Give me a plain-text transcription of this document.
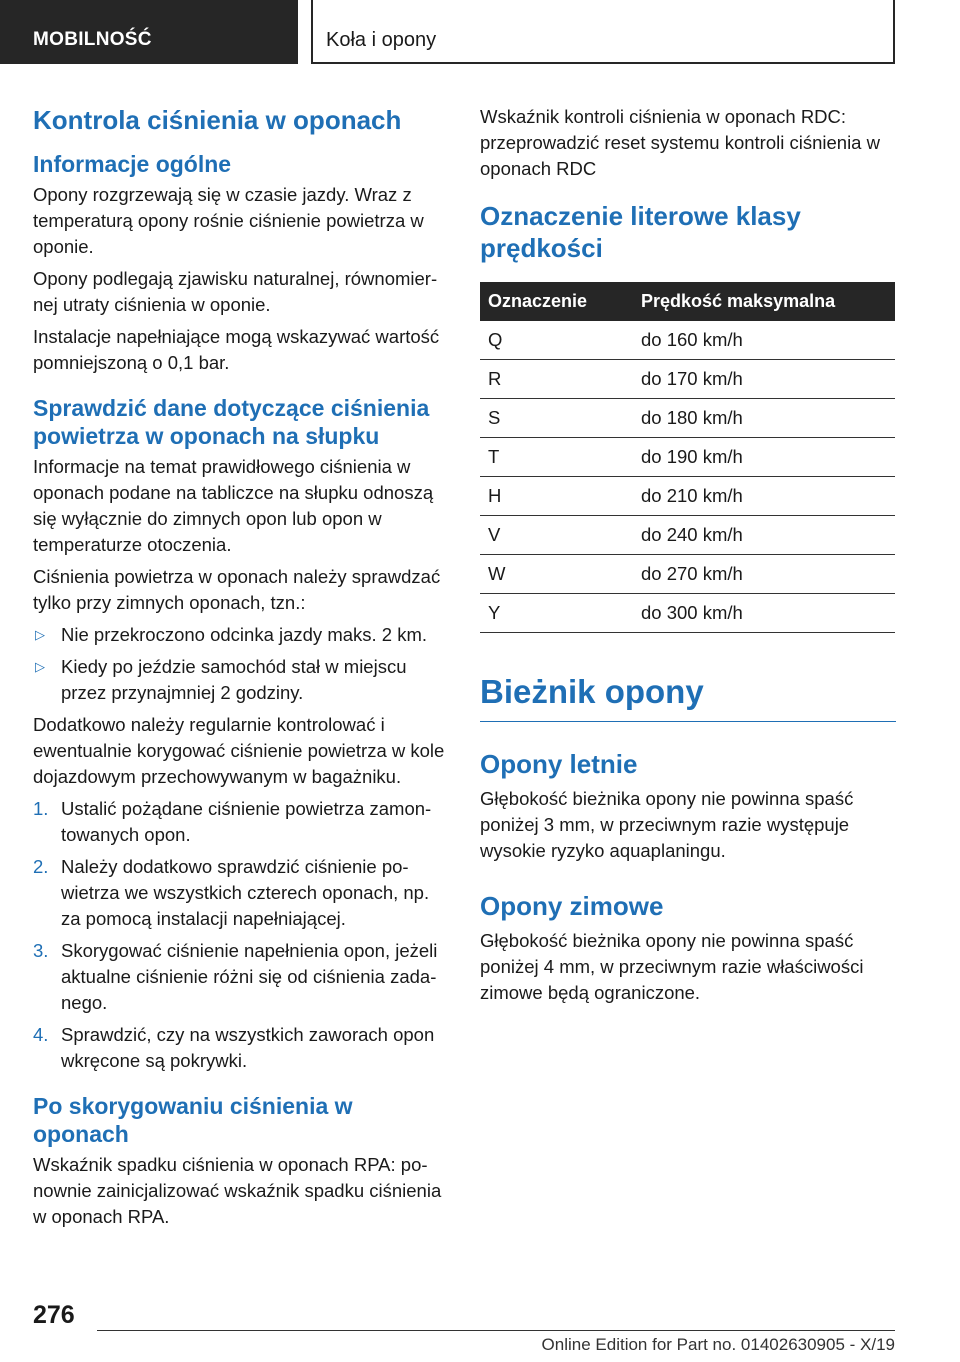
MOBILNOŚĆ	Koła i opony
Kontrola ciśnienia w oponach
Informacje ogólne

Opony rozgrzewają się w czasie jazdy. Wraz z temperaturą opony rośnie ciśnienie powietrza w oponie.

Opony podlegają zjawisku naturalnej, równomiernej utraty ciśnienia w oponie.

Instalacje napełniające mogą wskazywać wartość pomniejszoną o 0,1 bar.

Sprawdzić dane dotyczące ciśnienia powietrza w oponach na słupku

Informacje na temat prawidłowego ciśnienia w oponach podane na tabliczce na słupku odnoszą się wyłącznie do zimnych opon lub opon w temperaturze otoczenia.

Ciśnienia powietrza w oponach należy sprawdzać tylko przy zimnych oponach, tzn.:

▷ Nie przekroczono odcinka jazdy maks. 2 km.
▷ Kiedy po jeździe samochód stał w miejscu przez przynajmniej 2 godziny.

Dodatkowo należy regularnie kontrolować i ewentualnie korygować ciśnienie powietrza w kole dojazdowym przechowywanym w bagażniku.

1. Ustalić pożądane ciśnienie powietrza zamontowanych opon.
2. Należy dodatkowo sprawdzić ciśnienie powietrza we wszystkich czterech oponach, np. za pomocą instalacji napełniającej.
3. Skorygować ciśnienie napełnienia opon, jeżeli aktualne ciśnienie różni się od ciśnienia zadanego.
4. Sprawdzić, czy na wszystkich zaworach opon wkręcone są pokrywki.
Po skorygowaniu ciśnienia w oponach

Wskaźnik spadku ciśnienia w oponach RPA: ponownie zainicjalizować wskaźnik spadku ciśnienia w oponach RPA.

Wskaźnik kontroli ciśnienia w oponach RDC: przeprowadzić reset systemu kontroli ciśnienia w oponach RDC

Oznaczenie literowe klasy prędkości
Oznaczenie	Prędkość maksymalna
Q	do 160 km/h
R	do 170 km/h
S	do 180 km/h
T	do 190 km/h
H	do 210 km/h
V	do 240 km/h
W	do 270 km/h
Y	do 300 km/h
Bieżnik opony
Opony letnie

Głębokość bieżnika opony nie powinna spaść poniżej 3 mm, w przeciwnym razie występuje wysokie ryzyko aquaplaningu.

Opony zimowe

Głębokość bieżnika opony nie powinna spaść poniżej 4 mm, w przeciwnym razie właściwości zimowe będą ograniczone.

276
Online Edition for Part no. 01402630905 - X/19
